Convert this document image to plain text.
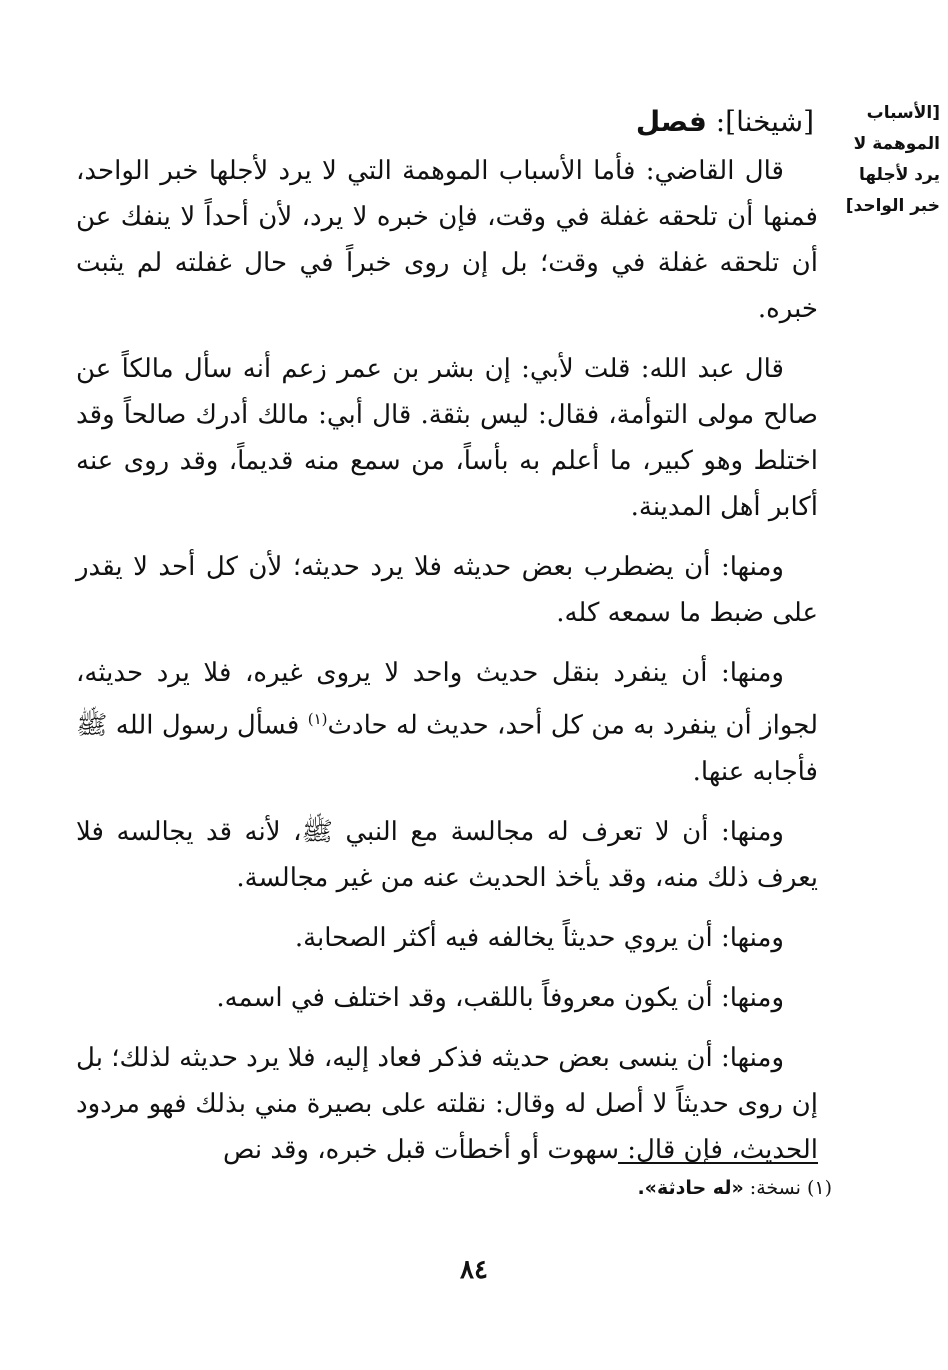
[الأسباب
الموهمة لا
يرد لأجلها
خبر الواحد]
[شيخنا]: فصل

قال القاضي: فأما الأسباب الموهمة التي لا يرد لأجلها خبر الواحد، فمنها أن تلحقه غفلة في وقت، فإن خبره لا يرد، لأن أحداً لا ينفك عن أن تلحقه غفلة في وقت؛ بل إن روى خبراً في حال غفلته لم يثبت خبره.

قال عبد الله: قلت لأبي: إن بشر بن عمر زعم أنه سأل مالكاً عن صالح مولى التوأمة، فقال: ليس بثقة. قال أبي: مالك أدرك صالحاً وقد اختلط وهو كبير، ما أعلم به بأساً، من سمع منه قديماً، وقد روى عنه أكابر أهل المدينة.

ومنها: أن يضطرب بعض حديثه فلا يرد حديثه؛ لأن كل أحد لا يقدر على ضبط ما سمعه كله.

ومنها: أن ينفرد بنقل حديث واحد لا يروى غيره، فلا يرد حديثه، لجواز أن ينفرد به من كل أحد، حديث له حادث$^{(١)}$ فسأل رسول الله ﷺ فأجابه عنها.

ومنها: أن لا تعرف له مجالسة مع النبي ﷺ، لأنه قد يجالسه فلا يعرف ذلك منه، وقد يأخذ الحديث عنه من غير مجالسة.

ومنها: أن يروي حديثاً يخالفه فيه أكثر الصحابة.

ومنها: أن يكون معروفاً باللقب، وقد اختلف في اسمه.

ومنها: أن ينسى بعض حديثه فذكر فعاد إليه، فلا يرد حديثه لذلك؛ بل إن روى حديثاً لا أصل له وقال: نقلته على بصيرة مني بذلك فهو مردود الحديث، فإن قال: سهوت أو أخطأت قبل خبره، وقد نص

(١) نسخة: «له حادثة».
٨٤
